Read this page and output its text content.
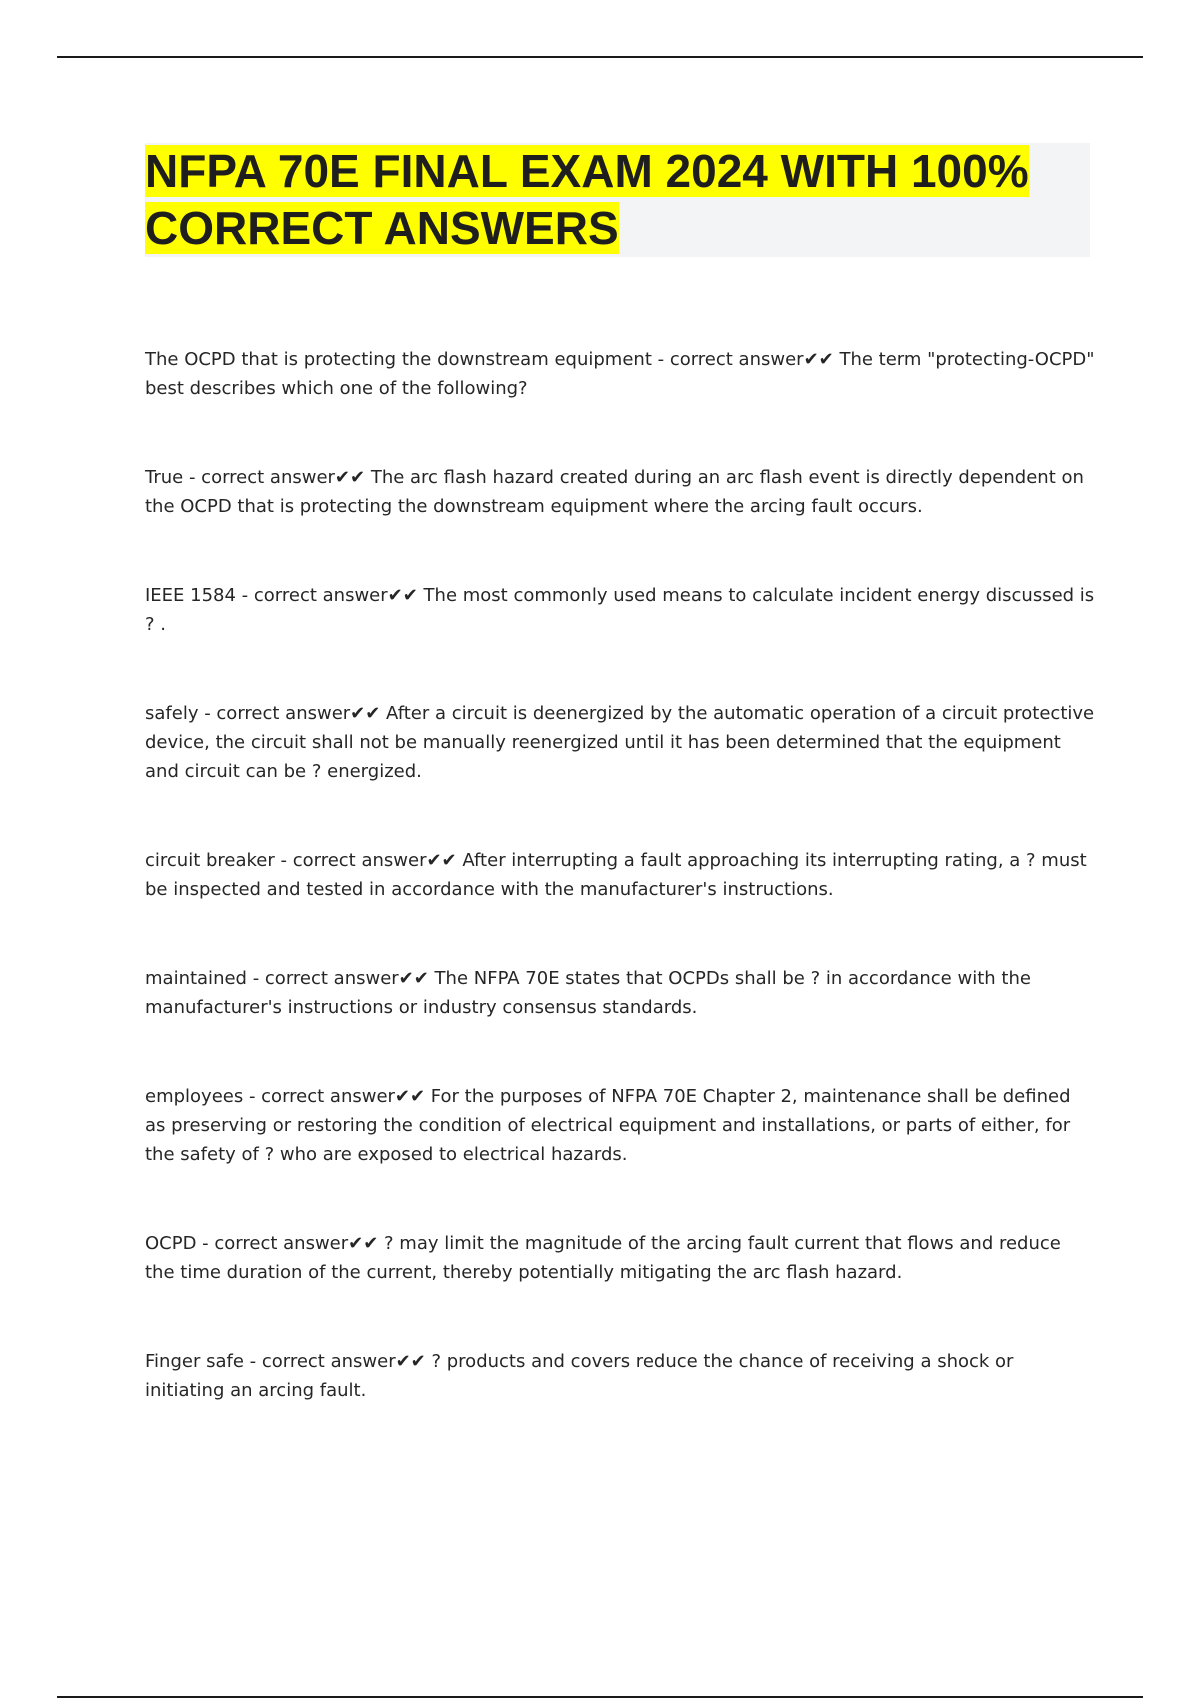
NFPA 70E FINAL EXAM 2024 WITH 100% CORRECT ANSWERS

The OCPD that is protecting the downstream equipment - correct answer✔✔ The term "protecting-OCPD" best describes which one of the following?

True - correct answer✔✔ The arc flash hazard created during an arc flash event is directly dependent on the OCPD that is protecting the downstream equipment where the arcing fault occurs.

IEEE 1584 - correct answer✔✔ The most commonly used means to calculate incident energy discussed is ? .

safely - correct answer✔✔ After a circuit is deenergized by the automatic operation of a circuit protective device, the circuit shall not be manually reenergized until it has been determined that the equipment and circuit can be ? energized.

circuit breaker - correct answer✔✔ After interrupting a fault approaching its interrupting rating, a ? must be inspected and tested in accordance with the manufacturer's instructions.

maintained - correct answer✔✔ The NFPA 70E states that OCPDs shall be ? in accordance with the manufacturer's instructions or industry consensus standards.

employees - correct answer✔✔ For the purposes of NFPA 70E Chapter 2, maintenance shall be defined as preserving or restoring the condition of electrical equipment and installations, or parts of either, for the safety of ? who are exposed to electrical hazards.

OCPD - correct answer✔✔ ? may limit the magnitude of the arcing fault current that flows and reduce the time duration of the current, thereby potentially mitigating the arc flash hazard.

Finger safe - correct answer✔✔ ? products and covers reduce the chance of receiving a shock or initiating an arcing fault.
